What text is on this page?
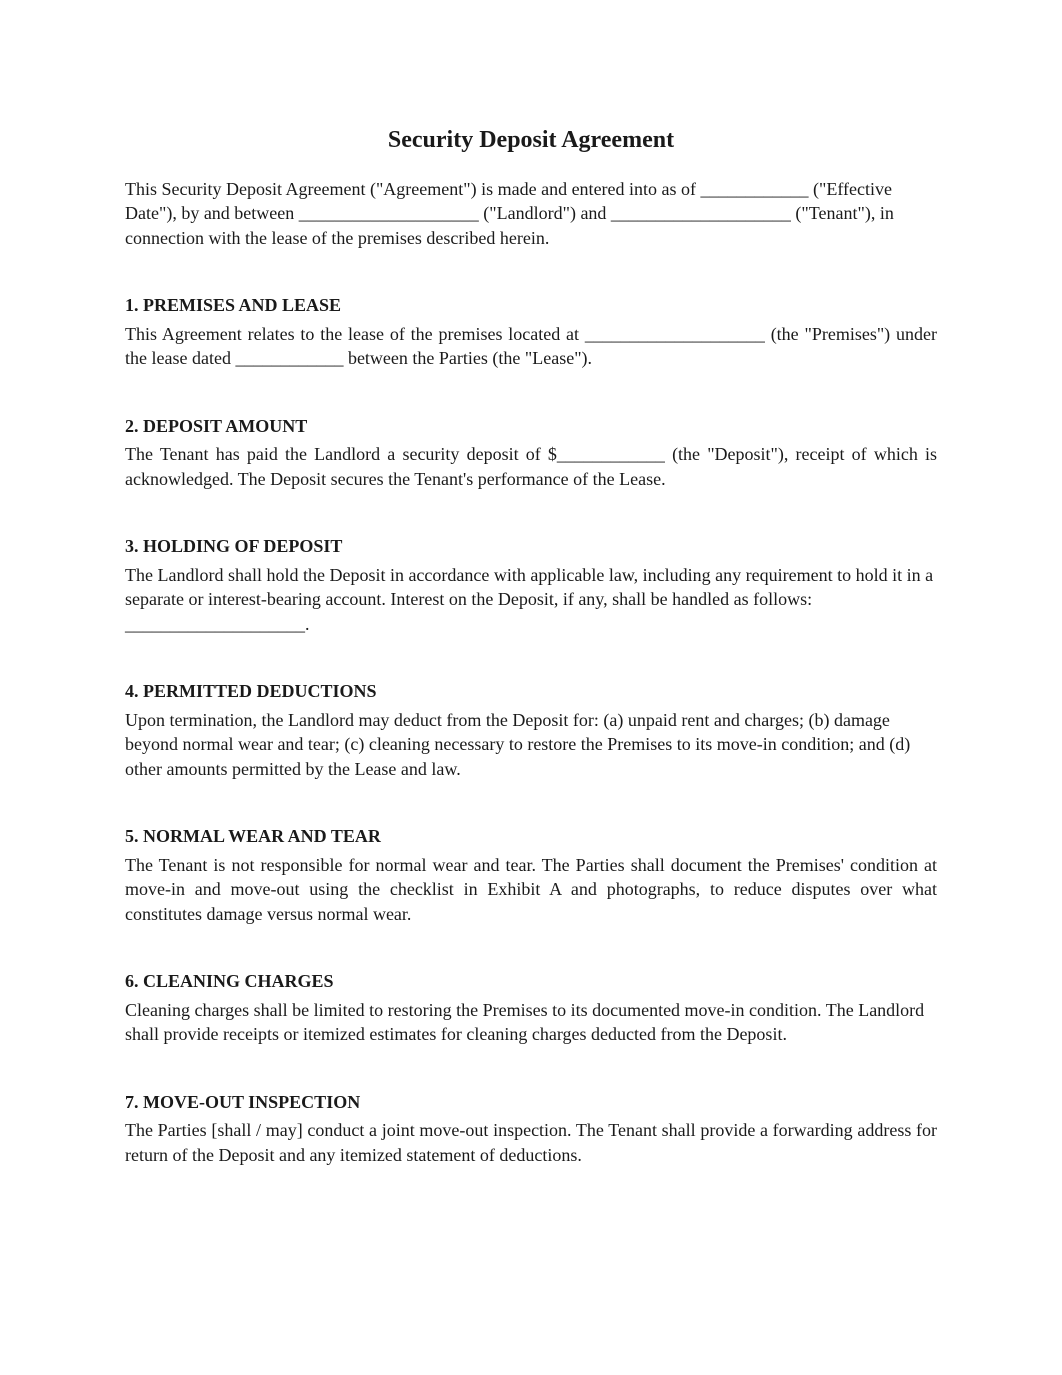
Security Deposit Agreement

This Security Deposit Agreement ("Agreement") is made and entered into as of ____________ ("Effective Date"), by and between ____________________ ("Landlord") and ____________________ ("Tenant"), in connection with the lease of the premises described herein.

1. PREMISES AND LEASE

This Agreement relates to the lease of the premises located at ____________________ (the "Premises") under the lease dated ____________ between the Parties (the "Lease").

2. DEPOSIT AMOUNT

The Tenant has paid the Landlord a security deposit of $____________ (the "Deposit"), receipt of which is acknowledged. The Deposit secures the Tenant's performance of the Lease.

3. HOLDING OF DEPOSIT

The Landlord shall hold the Deposit in accordance with applicable law, including any requirement to hold it in a separate or interest-bearing account. Interest on the Deposit, if any, shall be handled as follows: ____________________.

4. PERMITTED DEDUCTIONS

Upon termination, the Landlord may deduct from the Deposit for: (a) unpaid rent and charges; (b) damage beyond normal wear and tear; (c) cleaning necessary to restore the Premises to its move-in condition; and (d) other amounts permitted by the Lease and law.

5. NORMAL WEAR AND TEAR

The Tenant is not responsible for normal wear and tear. The Parties shall document the Premises' condition at move-in and move-out using the checklist in Exhibit A and photographs, to reduce disputes over what constitutes damage versus normal wear.

6. CLEANING CHARGES

Cleaning charges shall be limited to restoring the Premises to its documented move-in condition. The Landlord shall provide receipts or itemized estimates for cleaning charges deducted from the Deposit.

7. MOVE-OUT INSPECTION

The Parties [shall / may] conduct a joint move-out inspection. The Tenant shall provide a forwarding address for return of the Deposit and any itemized statement of deductions.
